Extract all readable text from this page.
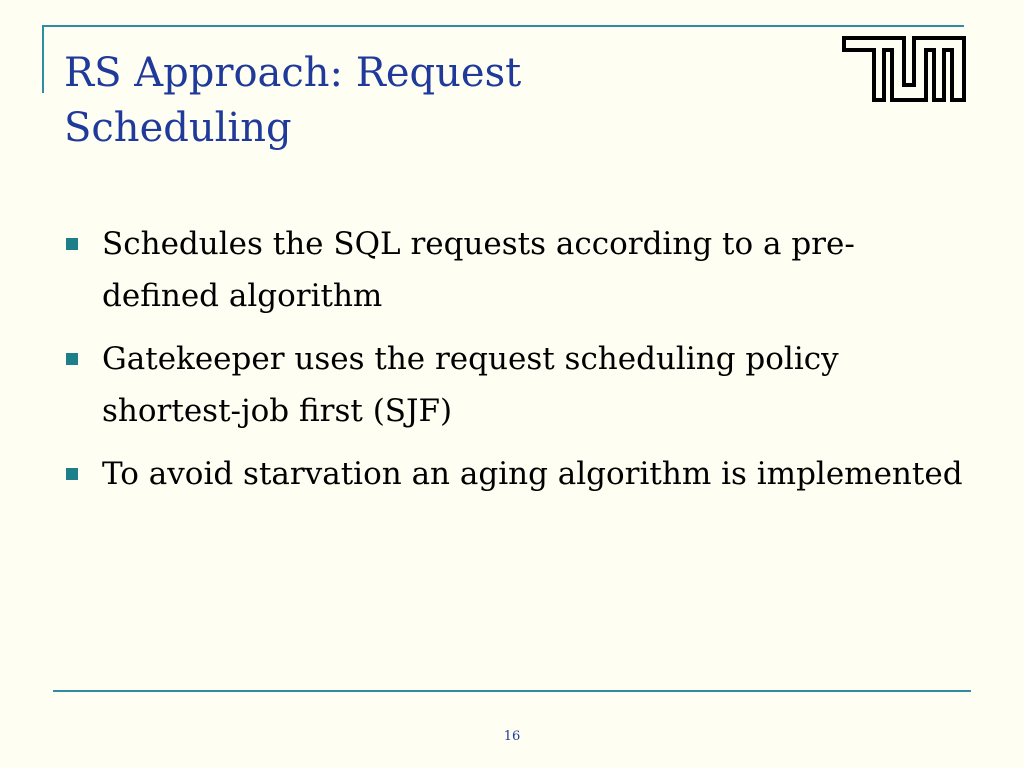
RS Approach: Request Scheduling
Schedules the SQL requests according to a pre-defined algorithm
Gatekeeper uses the request scheduling policy shortest-job first (SJF)
To avoid starvation an aging algorithm is implemented
16
